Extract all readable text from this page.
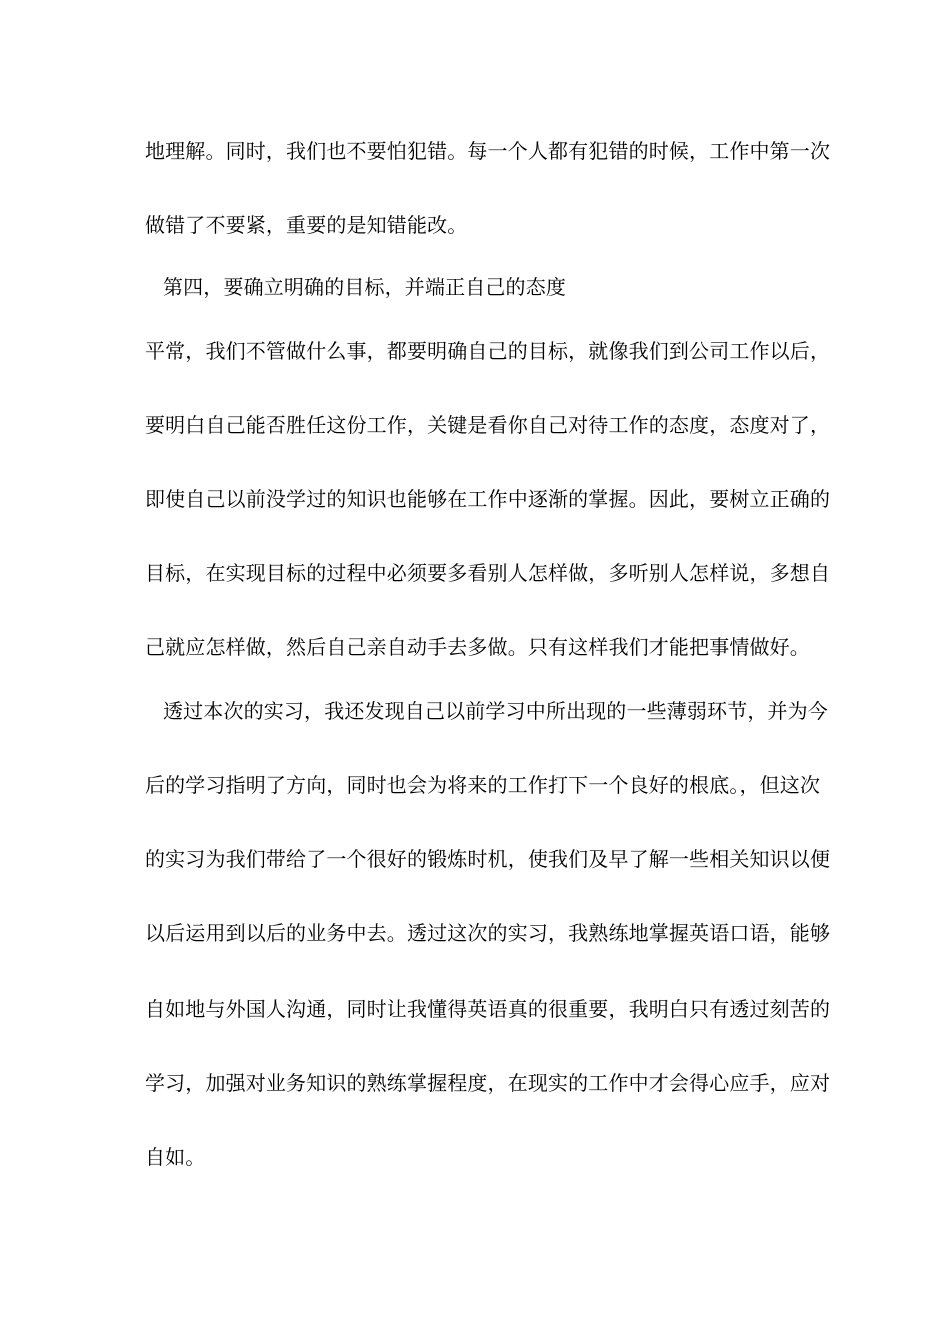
地理解。同时，我们也不要怕犯错。每一个人都有犯错的时候，工作中第一次
做错了不要紧，重要的是知错能改。
第四，要确立明确的目标，并端正自己的态度
平常，我们不管做什么事，都要明确自己的目标，就像我们到公司工作以后，
要明白自己能否胜任这份工作，关键是看你自己对待工作的态度，态度对了，
即使自己以前没学过的知识也能够在工作中逐渐的掌握。因此，要树立正确的
目标，在实现目标的过程中必须要多看别人怎样做，多听别人怎样说，多想自
己就应怎样做，然后自己亲自动手去多做。只有这样我们才能把事情做好。
透过本次的实习，我还发现自己以前学习中所出现的一些薄弱环节，并为今
后的学习指明了方向，同时也会为将来的工作打下一个良好的根底。，但这次
的实习为我们带给了一个很好的锻炼时机，使我们及早了解一些相关知识以便
以后运用到以后的业务中去。透过这次的实习，我熟练地掌握英语口语，能够
自如地与外国人沟通，同时让我懂得英语真的很重要，我明白只有透过刻苦的
学习，加强对业务知识的熟练掌握程度，在现实的工作中才会得心应手，应对
自如。
